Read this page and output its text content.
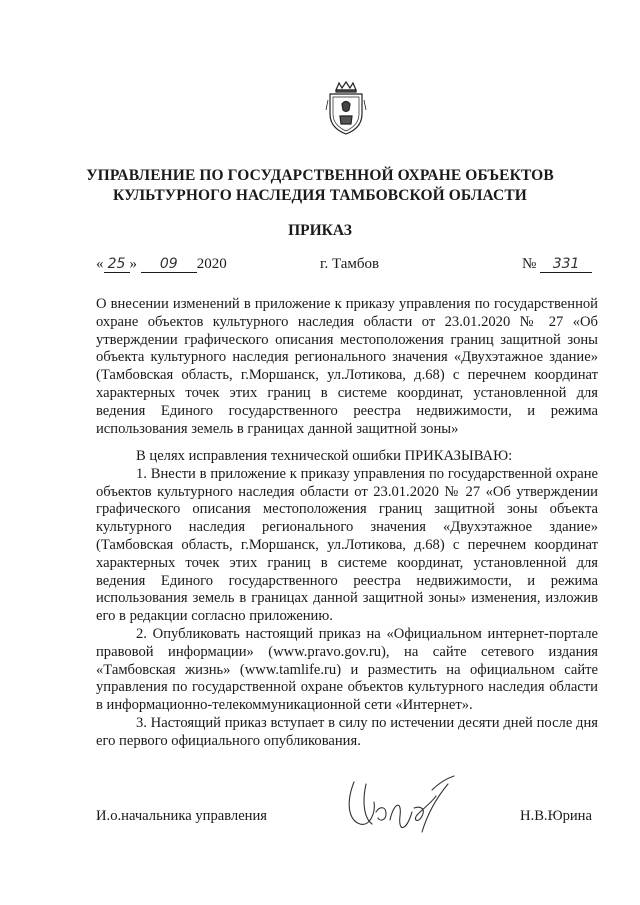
УПРАВЛЕНИЕ ПО ГОСУДАРСТВЕННОЙ ОХРАНЕ ОБЪЕКТОВ
КУЛЬТУРНОГО НАСЛЕДИЯ ТАМБОВСКОЙ ОБЛАСТИ
ПРИКАЗ
« 25 » 09 2020	г. Тамбов	№ 331

О внесении изменений в приложение к приказу управления по государственной охране объектов культурного наследия области от 23.01.2020 № 27 «Об утверждении графического описания местоположения границ защитной зоны объекта культурного наследия регионального значения «Двухэтажное здание» (Тамбовская область, г.Моршанск, ул.Лотикова, д.68) с перечнем координат характерных точек этих границ в системе координат, установленной для ведения Единого государственного реестра недвижимости, и режима использования земель в границах данной защитной зоны»

В целях исправления технической ошибки ПРИКАЗЫВАЮ:

1. Внести в приложение к приказу управления по государственной охране объектов культурного наследия области от 23.01.2020 № 27 «Об утверждении графического описания местоположения границ защитной зоны объекта культурного наследия регионального значения «Двухэтажное здание» (Тамбовская область, г.Моршанск, ул.Лотикова, д.68) с перечнем координат характерных точек этих границ в системе координат, установленной для ведения Единого государственного реестра недвижимости, и режима использования земель в границах данной защитной зоны» изменения, изложив его в редакции согласно приложению.

2. Опубликовать настоящий приказ на «Официальном интернет-портале правовой информации» (www.pravo.gov.ru), на сайте сетевого издания «Тамбовская жизнь» (www.tamlife.ru) и разместить на официальном сайте управления по государственной охране объектов культурного наследия области в информационно-телекоммуникационной сети «Интернет».

3. Настоящий приказ вступает в силу по истечении десяти дней после дня его первого официального опубликования.

И.о.начальника управления	Н.В.Юрина
